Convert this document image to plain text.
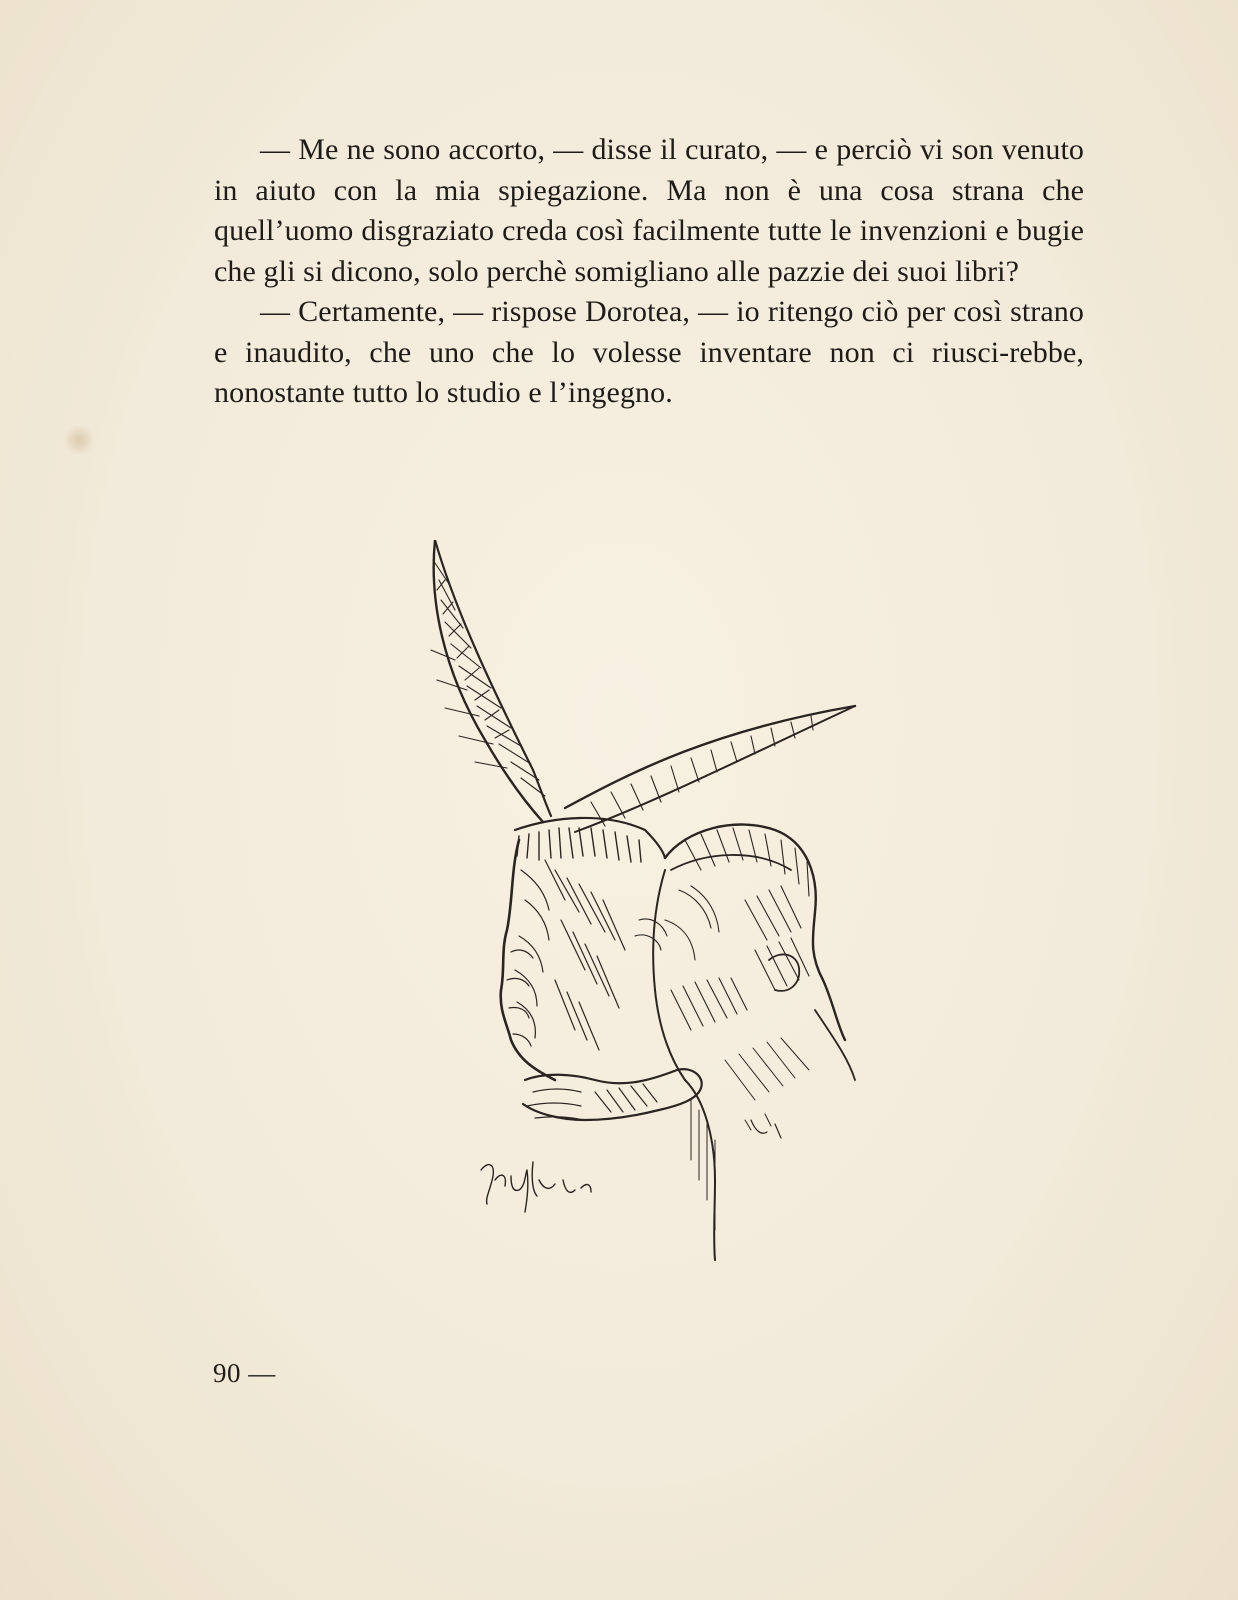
— Me ne sono accorto, — disse il curato, — e perciò vi son venuto in aiuto con la mia spiegazione. Ma non è una cosa strana che quell’uomo disgraziato creda così facilmente tutte le invenzioni e bugie che gli si dicono, solo perchè somigliano alle pazzie dei suoi libri?

— Certamente, — rispose Dorotea, — io ritengo ciò per così strano e inaudito, che uno che lo volesse inventare non ci riusci-rebbe, nonostante tutto lo studio e l’ingegno.

90 —
